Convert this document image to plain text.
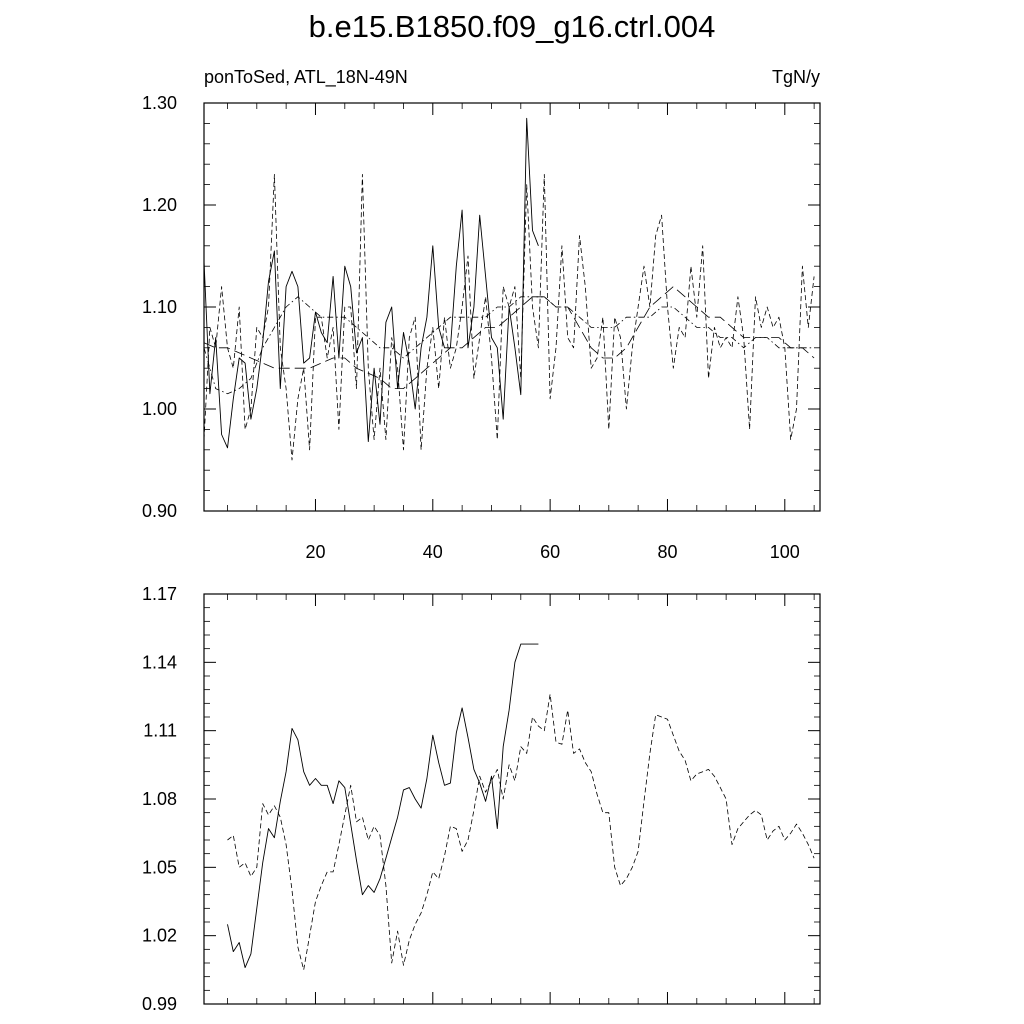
b.e15.B1850.f09_g16.ctrl.004
ponToSed, ATL_18N-49N	TgN/y
0.90
1.00
1.10
1.20
1.30
20	40	60	80	100
0.99
1.02
1.05
1.08
1.11
1.14
1.17
